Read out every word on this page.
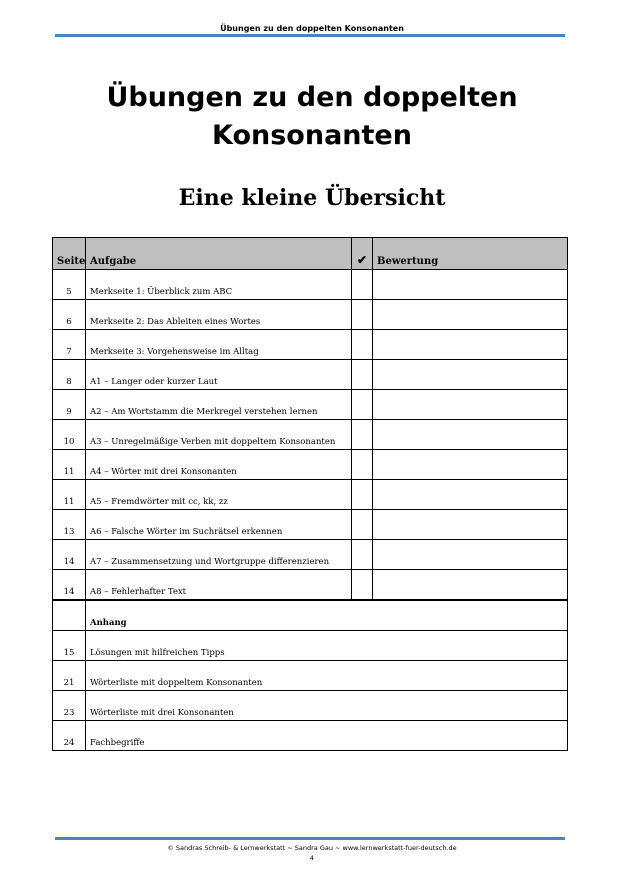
Übungen zu den doppelten Konsonanten
Übungen zu den doppelten
Konsonanten
Eine kleine Übersicht
Seite	Aufgabe	✔	Bewertung
5	Merkseite 1: Überblick zum ABC		
6	Merkseite 2: Das Ableiten eines Wortes		
7	Merkseite 3: Vorgehensweise im Alltag		
8	A1 – Langer oder kurzer Laut		
9	A2 – Am Wortstamm die Merkregel verstehen lernen		
10	A3 – Unregelmäßige Verben mit doppeltem Konsonanten		
11	A4 – Wörter mit drei Konsonanten		
11	A5 – Fremdwörter mit cc, kk, zz		
13	A6 – Falsche Wörter im Suchrätsel erkennen		
14	A7 – Zusammensetzung und Wortgruppe differenzieren		
14	A8 – Fehlerhafter Text		
	Anhang		
15	Lösungen mit hilfreichen Tipps		
21	Wörterliste mit doppeltem Konsonanten		
23	Wörterliste mit drei Konsonanten		
24	Fachbegriffe		
© Sandras Schreib- & Lernwerkstatt ~ Sandra Gau ~ www.lernwerkstatt-fuer-deutsch.de
4
